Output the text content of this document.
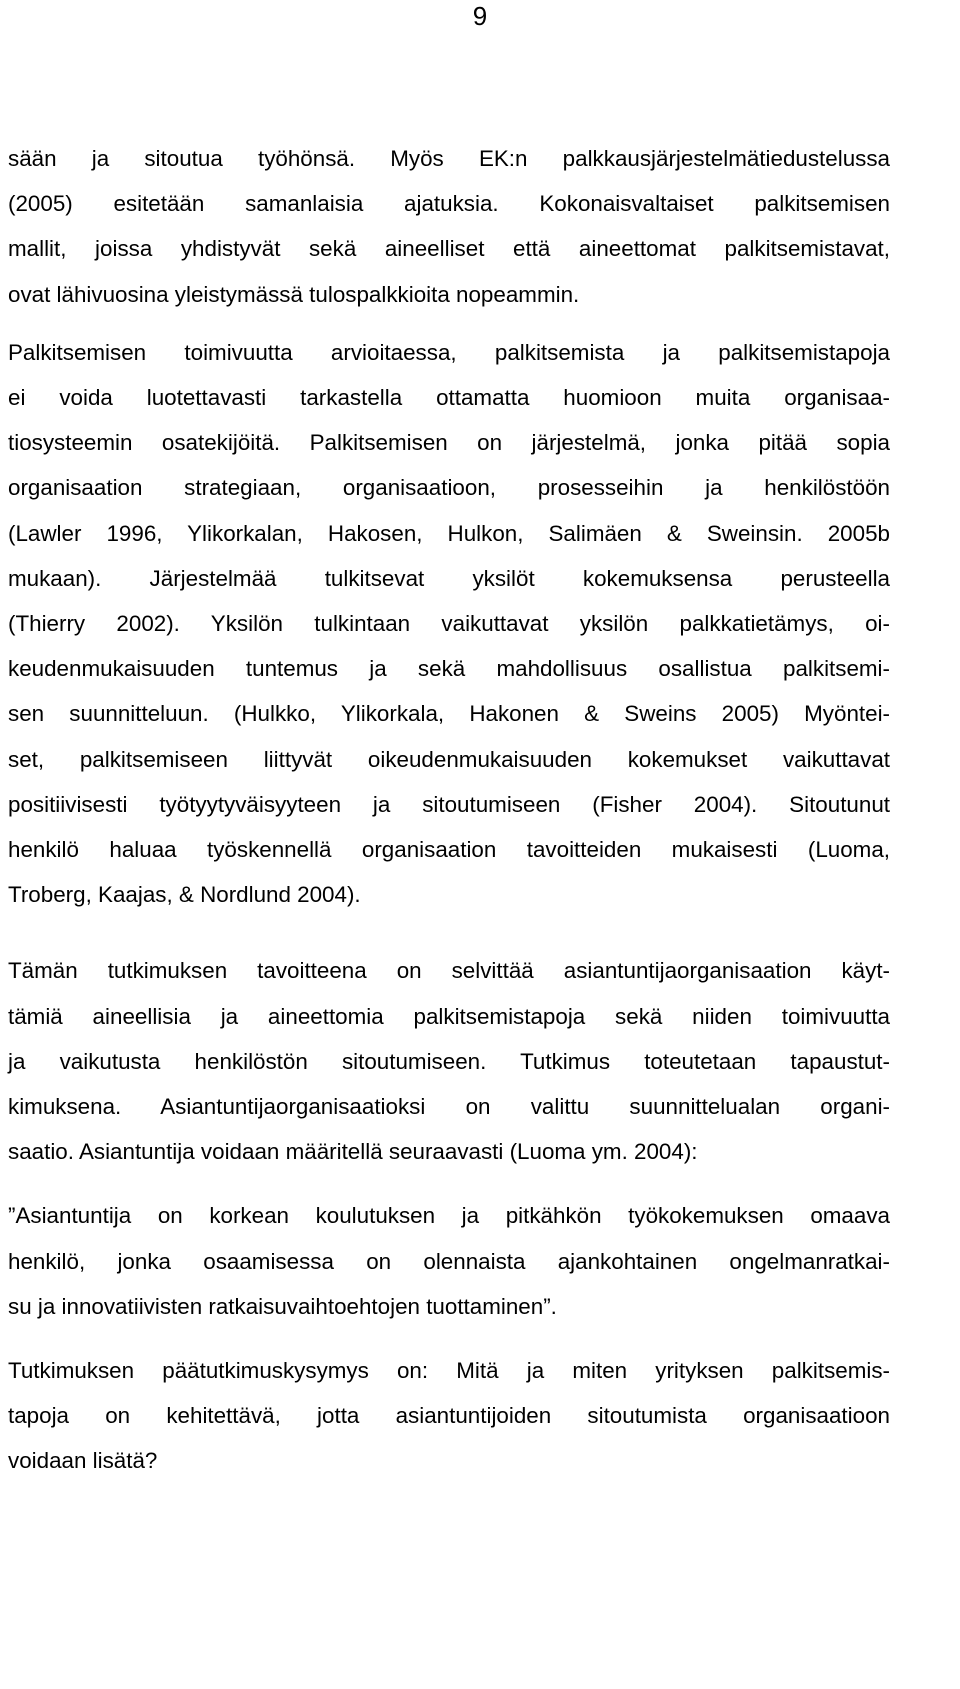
9

sään ja sitoutua työhönsä. Myös EK:n palkkausjärjestelmätiedustelussa
(2005) esitetään samanlaisia ajatuksia. Kokonaisvaltaiset palkitsemisen
mallit, joissa yhdistyvät sekä aineelliset että aineettomat palkitsemistavat,
ovat lähivuosina yleistymässä tulospalkkioita nopeammin.

Palkitsemisen toimivuutta arvioitaessa, palkitsemista ja palkitsemistapoja
ei voida luotettavasti tarkastella ottamatta huomioon muita organisaa-
tiosysteemin osatekijöitä. Palkitsemisen on järjestelmä, jonka pitää sopia
organisaation strategiaan, organisaatioon, prosesseihin ja henkilöstöön
(Lawler 1996, Ylikorkalan, Hakosen, Hulkon, Salimäen & Sweinsin. 2005b
mukaan). Järjestelmää tulkitsevat yksilöt kokemuksensa perusteella
(Thierry 2002). Yksilön tulkintaan vaikuttavat yksilön palkkatietämys, oi-
keudenmukaisuuden tuntemus ja sekä mahdollisuus osallistua palkitsemi-
sen suunnitteluun. (Hulkko, Ylikorkala, Hakonen & Sweins 2005) Myöntei-
set, palkitsemiseen liittyvät oikeudenmukaisuuden kokemukset vaikuttavat
positiivisesti työtyytyväisyyteen ja sitoutumiseen (Fisher 2004). Sitoutunut
henkilö haluaa työskennellä organisaation tavoitteiden mukaisesti (Luoma,
Troberg, Kaajas, & Nordlund 2004).

Tämän tutkimuksen tavoitteena on selvittää asiantuntijaorganisaation käyt-
tämiä aineellisia ja aineettomia palkitsemistapoja sekä niiden toimivuutta
ja vaikutusta henkilöstön sitoutumiseen. Tutkimus toteutetaan tapaustut-
kimuksena. Asiantuntijaorganisaatioksi on valittu suunnittelualan organi-
saatio. Asiantuntija voidaan määritellä seuraavasti (Luoma ym. 2004):

”Asiantuntija on korkean koulutuksen ja pitkähkön työkokemuksen omaava
henkilö, jonka osaamisessa on olennaista ajankohtainen ongelmanratkai-
su ja innovatiivisten ratkaisuvaihtoehtojen tuottaminen”.

Tutkimuksen päätutkimuskysymys on: Mitä ja miten yrityksen palkitsemis-
tapoja on kehitettävä, jotta asiantuntijoiden sitoutumista organisaatioon
voidaan lisätä?
